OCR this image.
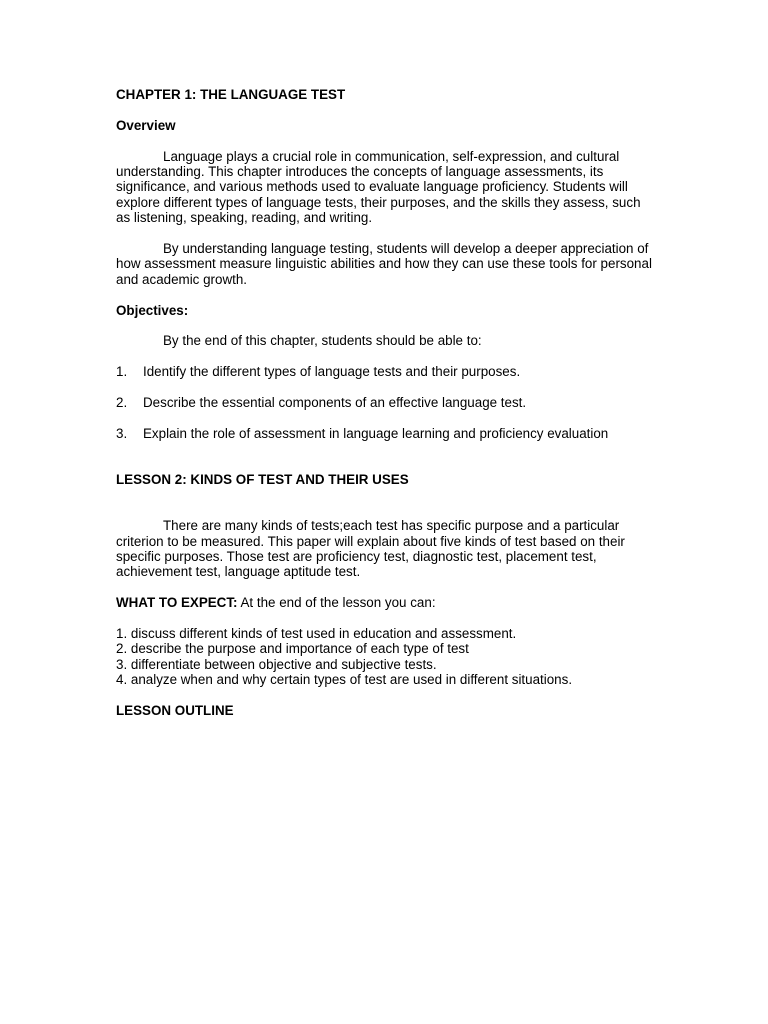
CHAPTER 1: THE LANGUAGE TEST

Overview

Language plays a crucial role in communication, self-expression, and cultural understanding. This chapter introduces the concepts of language assessments, its significance, and various methods used to evaluate language proficiency. Students will explore different types of language tests, their purposes, and the skills they assess, such as listening, speaking, reading, and writing.

By understanding language testing, students will develop a deeper appreciation of how assessment measure linguistic abilities and how they can use these tools for personal and academic growth.

Objectives:

By the end of this chapter, students should be able to:

1.	Identify the different types of language tests and their purposes.
2.	Describe the essential components of an effective language test.
3.	Explain the role of assessment in language learning and proficiency evaluation

LESSON 2: KINDS OF TEST AND THEIR USES

There are many kinds of tests;each test has specific purpose and a particular criterion to be measured. This paper will explain about five kinds of test based on their specific purposes. Those test are proficiency test, diagnostic test, placement test, achievement test, language aptitude test.

WHAT TO EXPECT: At the end of the lesson you can:

1. discuss different kinds of test used in education and assessment.
2. describe the purpose and importance of each type of test
3. differentiate between objective and subjective tests.
4. analyze when and why certain types of test are used in different situations.

LESSON OUTLINE
